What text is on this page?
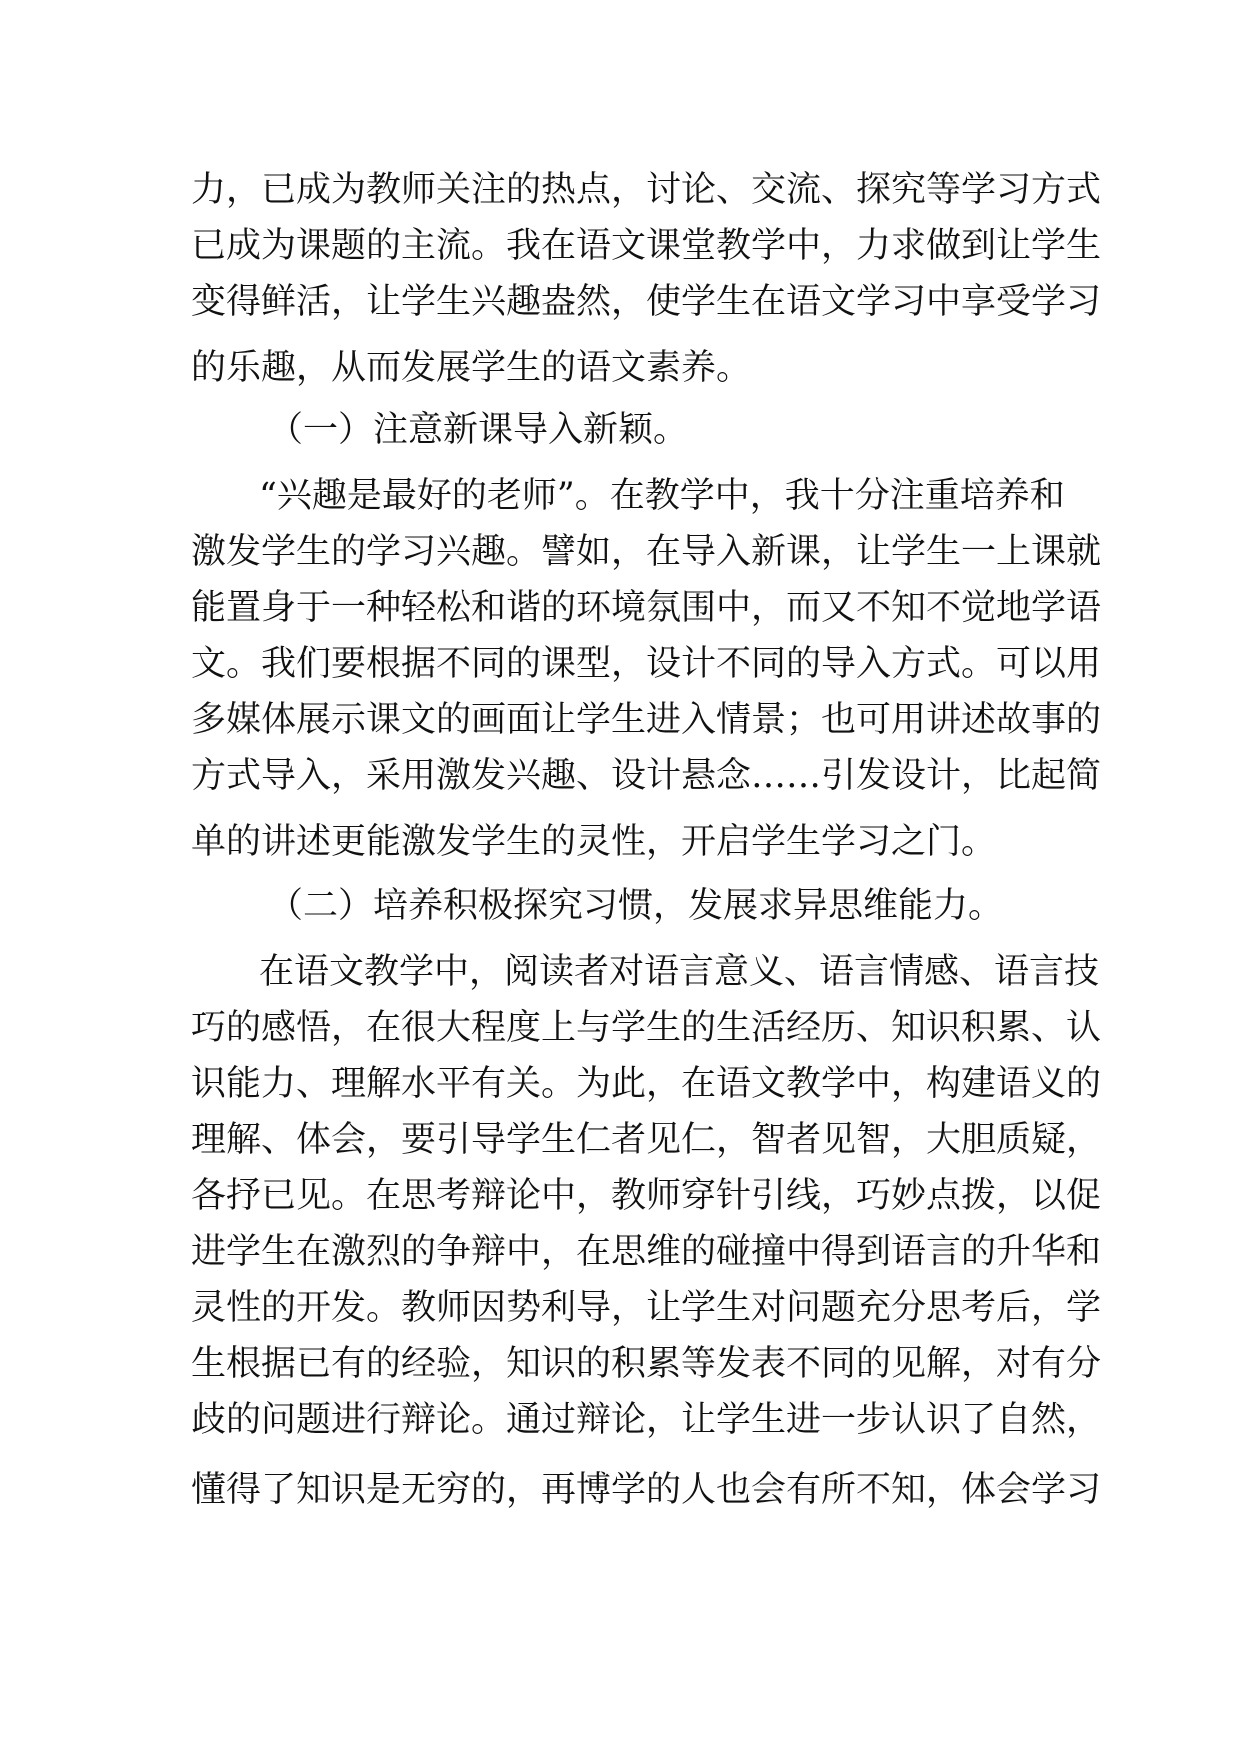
力，已成为教师关注的热点，讨论、交流、探究等学习方式

已成为课题的主流。我在语文课堂教学中，力求做到让学生

变得鲜活，让学生兴趣盎然，使学生在语文学习中享受学习

的乐趣，从而发展学生的语文素养。

（一）注意新课导入新颖。

“兴趣是最好的老师”。在教学中，我十分注重培养和

激发学生的学习兴趣。譬如，在导入新课，让学生一上课就

能置身于一种轻松和谐的环境氛围中，而又不知不觉地学语

文。我们要根据不同的课型，设计不同的导入方式。可以用

多媒体展示课文的画面让学生进入情景；也可用讲述故事的

方式导入，采用激发兴趣、设计悬念……引发设计，比起简

单的讲述更能激发学生的灵性，开启学生学习之门。

（二）培养积极探究习惯，发展求异思维能力。

在语文教学中，阅读者对语言意义、语言情感、语言技

巧的感悟，在很大程度上与学生的生活经历、知识积累、认

识能力、理解水平有关。为此，在语文教学中，构建语义的

理解、体会，要引导学生仁者见仁，智者见智，大胆质疑，

各抒已见。在思考辩论中，教师穿针引线，巧妙点拨，以促

进学生在激烈的争辩中，在思维的碰撞中得到语言的升华和

灵性的开发。教师因势利导，让学生对问题充分思考后，学

生根据已有的经验，知识的积累等发表不同的见解，对有分

歧的问题进行辩论。通过辩论，让学生进一步认识了自然，

懂得了知识是无穷的，再博学的人也会有所不知，体会学习
